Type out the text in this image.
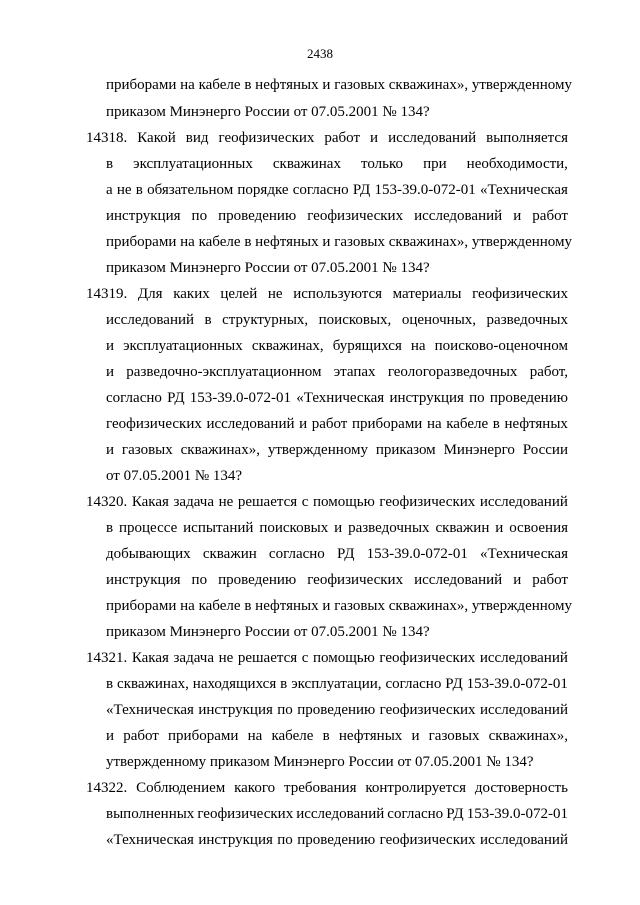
2438
приборами на кабеле в нефтяных и газовых скважинах», утвержденному
приказом Минэнерго России от 07.05.2001 № 134?
14318. Какой вид геофизических работ и исследований выполняется
в эксплуатационных скважинах только при необходимости,
а не в обязательном порядке согласно РД 153-39.0-072-01 «Техническая
инструкция по проведению геофизических исследований и работ
приборами на кабеле в нефтяных и газовых скважинах», утвержденному
приказом Минэнерго России от 07.05.2001 № 134?
14319. Для каких целей не используются материалы геофизических
исследований в структурных, поисковых, оценочных, разведочных
и эксплуатационных скважинах, бурящихся на поисково-оценочном
и разведочно-эксплуатационном этапах геологоразведочных работ,
согласно РД 153-39.0-072-01 «Техническая инструкция по проведению
геофизических исследований и работ приборами на кабеле в нефтяных
и газовых скважинах», утвержденному приказом Минэнерго России
от 07.05.2001 № 134?
14320. Какая задача не решается с помощью геофизических исследований
в процессе испытаний поисковых и разведочных скважин и освоения
добывающих скважин согласно РД 153-39.0-072-01 «Техническая
инструкция по проведению геофизических исследований и работ
приборами на кабеле в нефтяных и газовых скважинах», утвержденному
приказом Минэнерго России от 07.05.2001 № 134?
14321. Какая задача не решается с помощью геофизических исследований
в скважинах, находящихся в эксплуатации, согласно РД 153-39.0-072-01
«Техническая инструкция по проведению геофизических исследований
и работ приборами на кабеле в нефтяных и газовых скважинах»,
утвержденному приказом Минэнерго России от 07.05.2001 № 134?
14322. Соблюдением какого требования контролируется достоверность
выполненных геофизических исследований согласно РД 153-39.0-072-01
«Техническая инструкция по проведению геофизических исследований
